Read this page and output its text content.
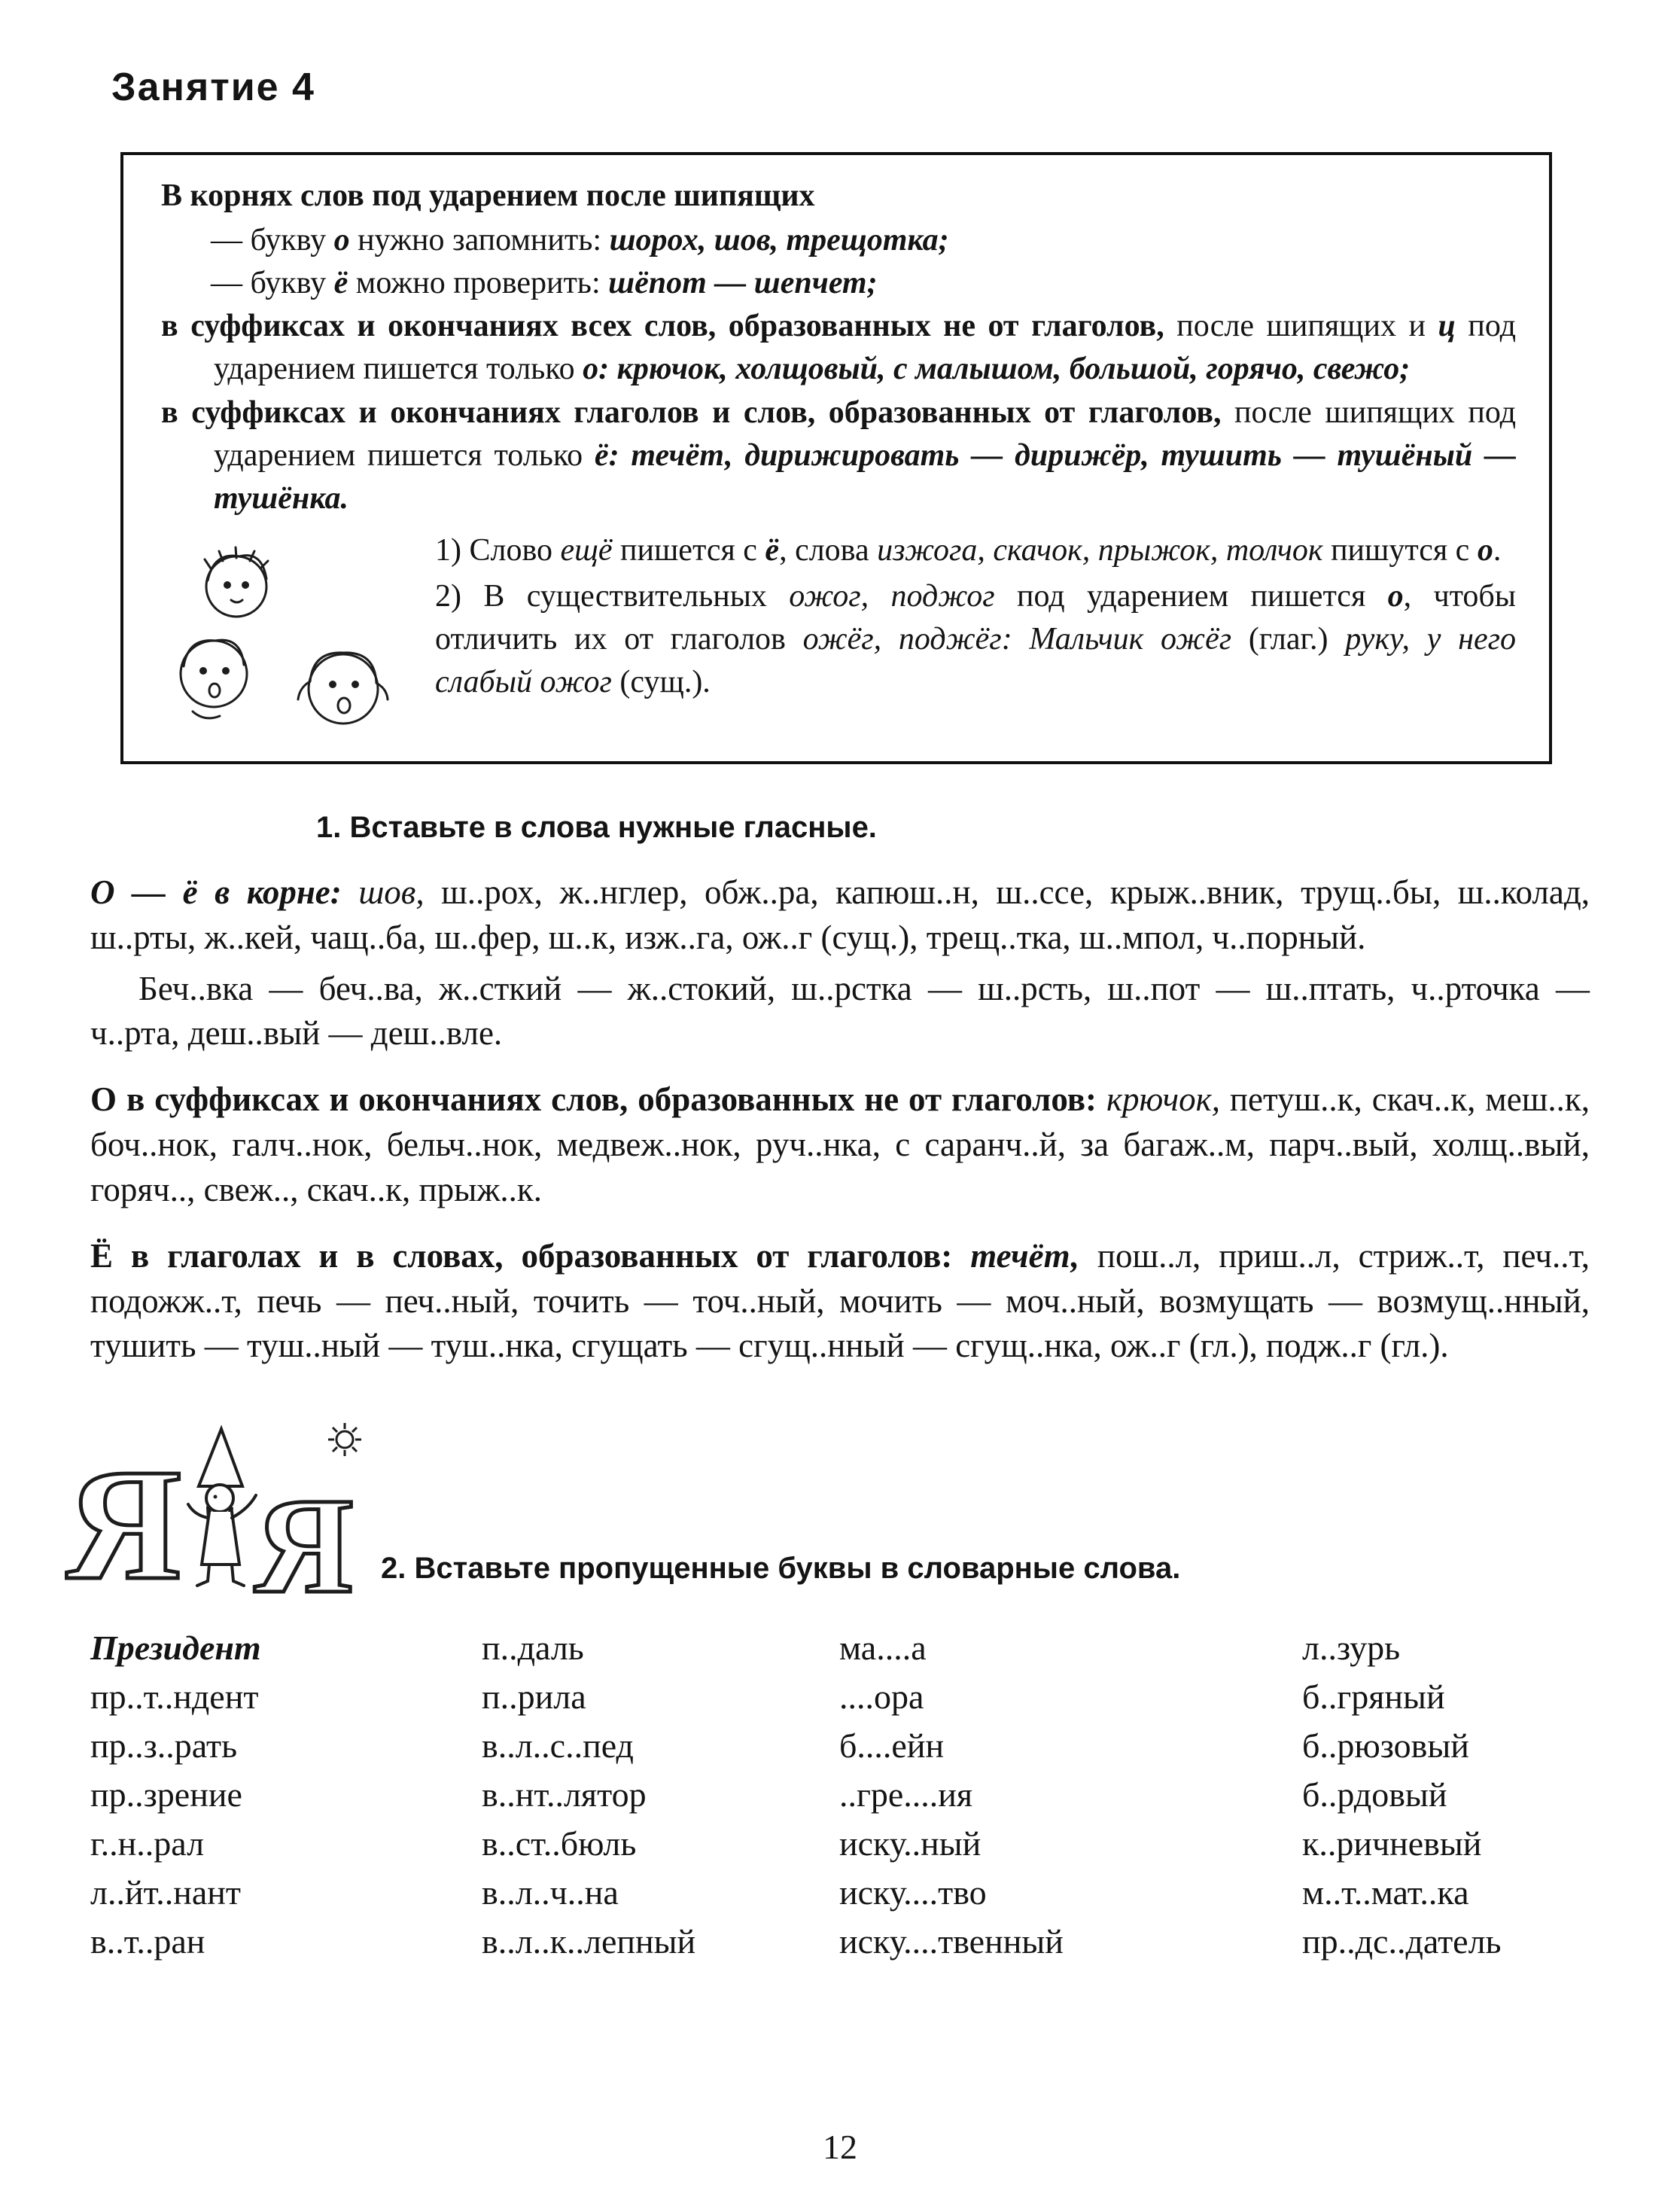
Занятие 4

В корнях слов под ударением после шипящих

— букву о нужно запомнить: шорох, шов, трещотка;

— букву ё можно проверить: шёпот — шепчет;

в суффиксах и окончаниях всех слов, образованных не от глаголов, после шипящих и ц под ударением пишется только о: крючок, холщовый, с малышом, большой, горячо, свежо;

в суффиксах и окончаниях глаголов и слов, образованных от глаголов, после шипящих под ударением пишется только ё: течёт, дирижировать — дирижёр, тушить — тушёный — тушёнка.

1) Слово ещё пишется с ё, слова изжога, скачок, прыжок, толчок пишутся с о.

2) В существительных ожог, поджог под ударением пишется о, чтобы отличить их от глаголов ожёг, поджёг: Мальчик ожёг (глаг.) руку, у него слабый ожог (сущ.).

1. Вставьте в слова нужные гласные.

О — ё в корне: шов, ш..рох, ж..нглер, обж..ра, капюш..н, ш..ссе, крыж..вник, трущ..бы, ш..колад, ш..рты, ж..кей, чащ..ба, ш..фер, ш..к, изж..га, ож..г (сущ.), трещ..тка, ш..мпол, ч..порный.

Беч..вка — беч..ва, ж..сткий — ж..стокий, ш..рстка — ш..рсть, ш..пот — ш..птать, ч..рточка — ч..рта, деш..вый — деш..вле.

О в суффиксах и окончаниях слов, образованных не от глаголов: крючок, петуш..к, скач..к, меш..к, боч..нок, галч..нок, бельч..нок, медвеж..нок, руч..нка, с саранч..й, за багаж..м, парч..вый, холщ..вый, горяч.., свеж.., скач..к, прыж..к.

Ё в глаголах и в словах, образованных от глаголов: течёт, пош..л, приш..л, стриж..т, печ..т, подожж..т, печь — печ..ный, точить — точ..ный, мочить — моч..ный, возмущать — возмущ..нный, тушить — туш..ный — туш..нка, сгущать — сгущ..нный — сгущ..нка, ож..г (гл.), подж..г (гл.).

Я Я 2. Вставьте пропущенные буквы в словарные слова.

Президент
пр..т..ндент
пр..з..рать
пр..зрение
г..н..рал
л..йт..нант
в..т..ран
п..даль
п..рила
в..л..с..пед
в..нт..лятор
в..ст..бюль
в..л..ч..на
в..л..к..лепный
ма....а
....ора
б....ейн
..гре....ия
иску..ный
иску....тво
иску....твенный
л..зурь
б..гряный
б..рюзовый
б..рдовый
к..ричневый
м..т..мат..ка
пр..дс..датель
12
